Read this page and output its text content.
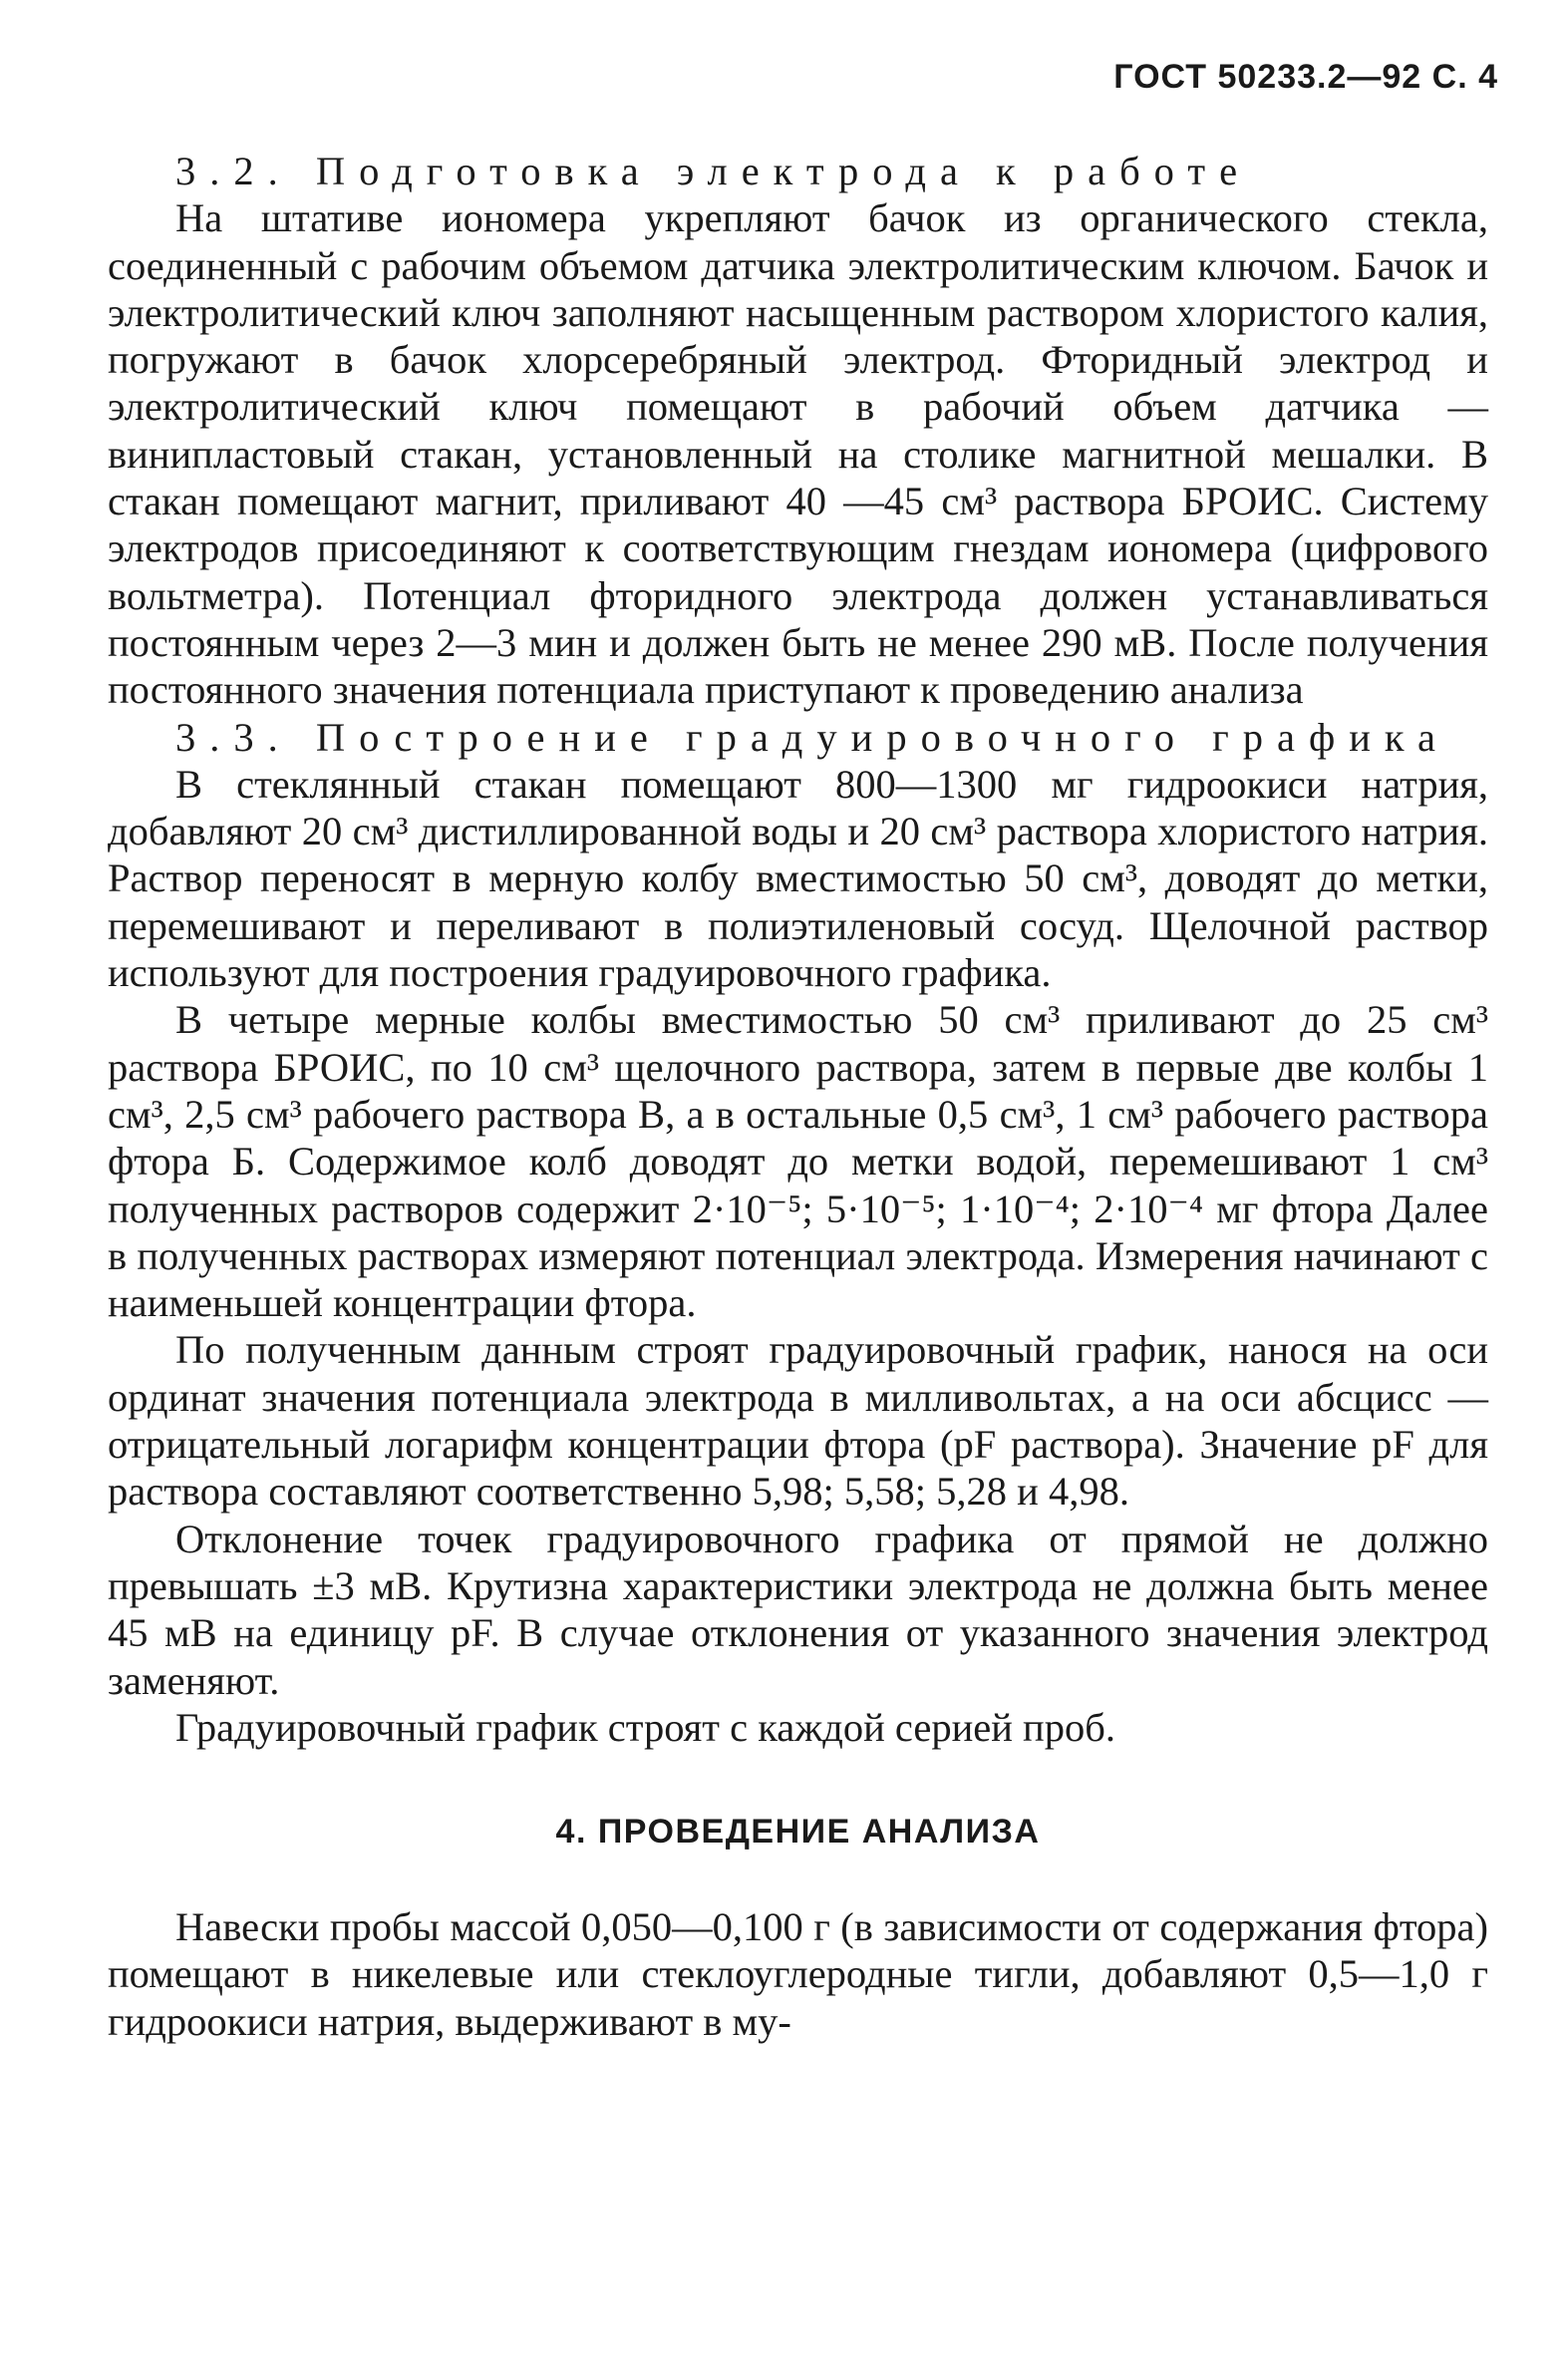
ГОСТ 50233.2—92 С. 4

3.2. Подготовка электрода к работе

На штативе иономера укрепляют бачок из органического стекла, соединенный с рабочим объемом датчика электролитическим ключом. Бачок и электролитический ключ заполняют насыщенным раствором хлористого калия, погружают в бачок хлорсеребряный электрод. Фторидный электрод и электролитический ключ помещают в рабочий объем датчика — винипластовый стакан, установленный на столике магнитной мешалки. В стакан помещают магнит, приливают 40 —45 см³ раствора БРОИС. Систему электродов присоединяют к соответствующим гнездам иономера (цифрового вольтметра). Потенциал фторидного электрода должен устанавливаться постоянным через 2—3 мин и должен быть не менее 290 мВ. После получения постоянного значения потенциала приступают к проведению анализа

3.3. Построение градуировочного графика

В стеклянный стакан помещают 800—1300 мг гидроокиси натрия, добавляют 20 см³ дистиллированной воды и 20 см³ раствора хлористого натрия. Раствор переносят в мерную колбу вместимостью 50 см³, доводят до метки, перемешивают и переливают в полиэтиленовый сосуд. Щелочной раствор используют для построения градуировочного графика.

В четыре мерные колбы вместимостью 50 см³ приливают до 25 см³ раствора БРОИС, по 10 см³ щелочного раствора, затем в первые две колбы 1 см³, 2,5 см³ рабочего раствора В, а в остальные 0,5 см³, 1 см³ рабочего раствора фтора Б. Содержимое колб доводят до метки водой, перемешивают 1 см³ полученных растворов содержит 2·10⁻⁵; 5·10⁻⁵; 1·10⁻⁴; 2·10⁻⁴ мг фтора Далее в полученных растворах измеряют потенциал электрода. Измерения начинают с наименьшей концентрации фтора.

По полученным данным строят градуировочный график, нанося на оси ординат значения потенциала электрода в милливольтах, а на оси абсцисс — отрицательный логарифм концентрации фтора (pF раствора). Значение pF для раствора составляют соответственно 5,98; 5,58; 5,28 и 4,98.

Отклонение точек градуировочного графика от прямой не должно превышать ±3 мВ. Крутизна характеристики электрода не должна быть менее 45 мВ на единицу pF. В случае отклонения от указанного значения электрод заменяют.

Градуировочный график строят с каждой серией проб.

4. ПРОВЕДЕНИЕ АНАЛИЗА

Навески пробы массой 0,050—0,100 г (в зависимости от содержания фтора) помещают в никелевые или стеклоуглеродные тигли, добавляют 0,5—1,0 г гидроокиси натрия, выдерживают в му-
